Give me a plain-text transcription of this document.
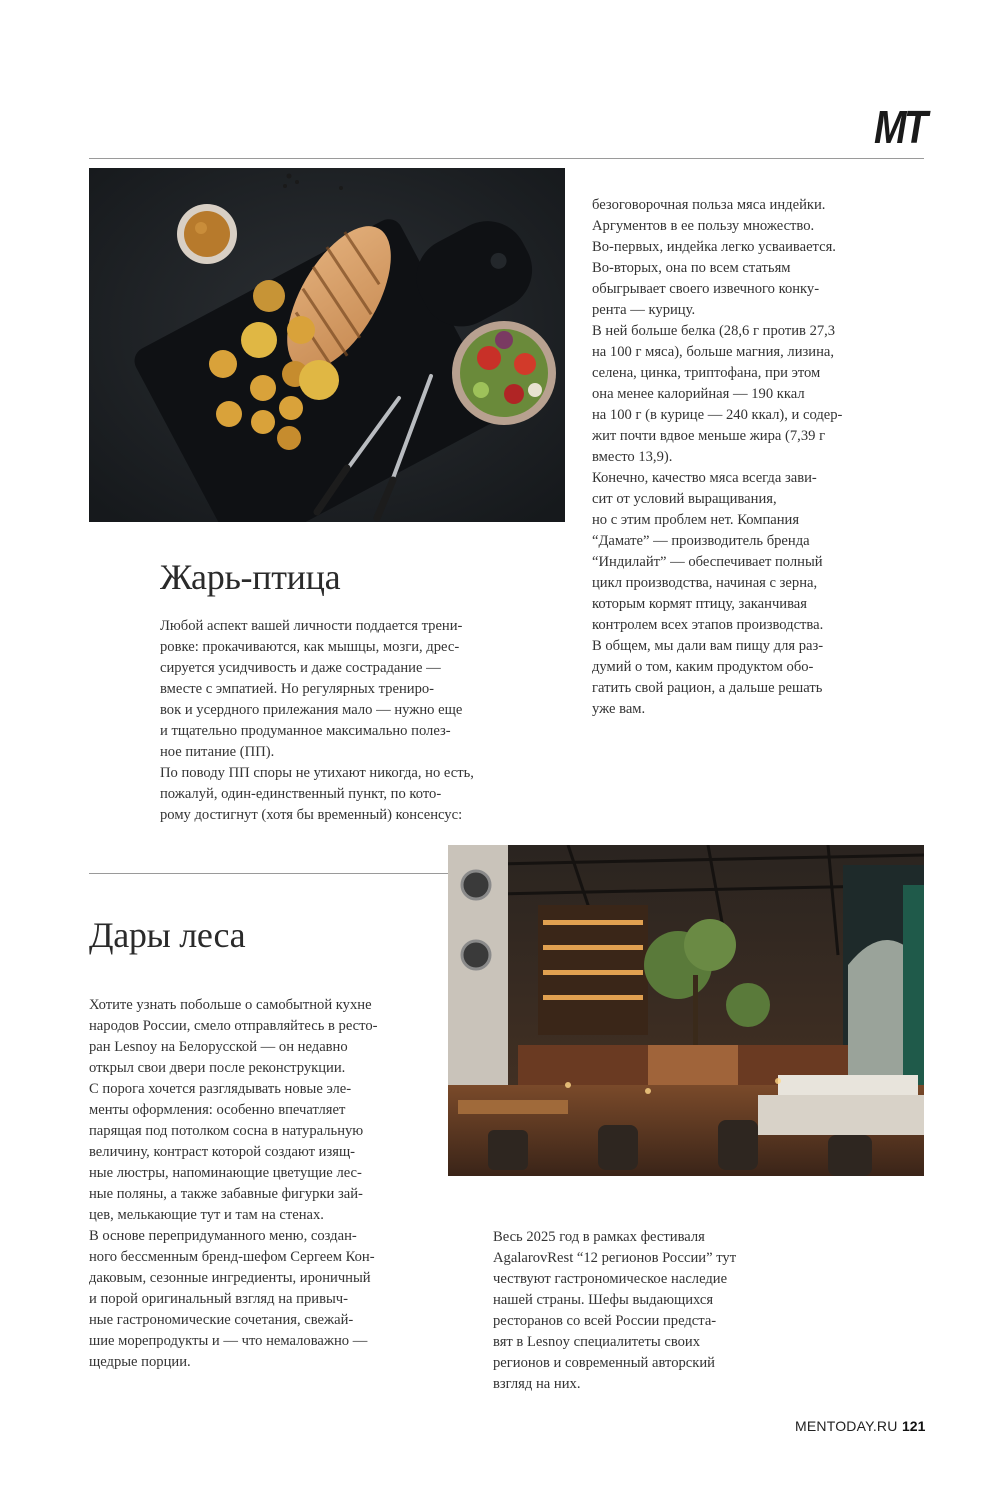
MT
Жарь-птица

Любой аспект вашей личности поддается трени-
ровке: прокачиваются, как мышцы, мозги, дрес-
сируется усидчивость и даже сострадание —
вместе с эмпатией. Но регулярных трениро-
вок и усердного прилежания мало — нужно еще
и тщательно продуманное максимально полез-
ное питание (ПП).

По поводу ПП споры не утихают никогда, но есть,
пожалуй, один-единственный пункт, по кото-
рому достигнут (хотя бы временный) консенсус:

безоговорочная польза мяса индейки.
Аргументов в ее пользу множество.
Во-первых, индейка легко усваивается.
Во-вторых, она по всем статьям
обыгрывает своего извечного конку-
рента — курицу.

В ней больше белка (28,6 г против 27,3
на 100 г мяса), больше магния, лизина,
селена, цинка, триптофана, при этом
она менее калорийная — 190 ккал
на 100 г (в курице — 240 ккал), и содер-
жит почти вдвое меньше жира (7,39 г
вместо 13,9).

Конечно, качество мяса всегда зави-
сит от условий выращивания,
но с этим проблем нет. Компания
“Дамате” — производитель бренда
“Индилайт” — обеспечивает полный
цикл производства, начиная с зерна,
которым кормят птицу, заканчивая
контролем всех этапов производства.

В общем, мы дали вам пищу для раз-
думий о том, каким продуктом обо-
гатить свой рацион, а дальше решать
уже вам.

Дары леса

Хотите узнать побольше о самобытной кухне
народов России, смело отправляйтесь в ресто-
ран Lesnoy на Белорусской — он недавно
открыл свои двери после реконструкции.

С порога хочется разглядывать новые эле-
менты оформления: особенно впечатляет
парящая под потолком сосна в натуральную
величину, контраст которой создают изящ-
ные люстры, напоминающие цветущие лес-
ные поляны, а также забавные фигурки зай-
цев, мелькающие тут и там на стенах.

В основе перепридуманного меню, создан-
ного бессменным бренд-шефом Сергеем Кон-
даковым, сезонные ингредиенты, ироничный
и порой оригинальный взгляд на привыч-
ные гастрономические сочетания, свежай-
шие морепродукты и — что немаловажно —
щедрые порции.

Весь 2025 год в рамках фестиваля
AgalarovRest “12 регионов России” тут
чествуют гастрономическое наследие
нашей страны. Шефы выдающихся
ресторанов со всей России предста-
вят в Lesnoy специалитеты своих
регионов и современный авторский
взгляд на них.

MENTODAY.RU 121
